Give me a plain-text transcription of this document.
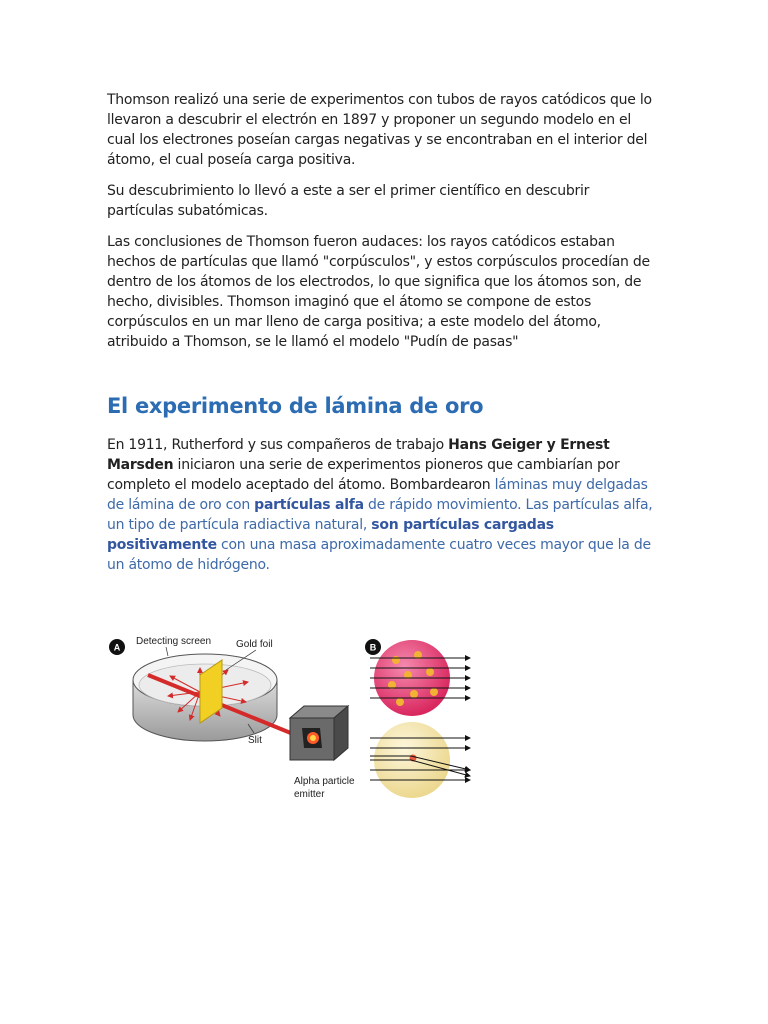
Thomson realizó una serie de experimentos con tubos de rayos catódicos que lo llevaron a descubrir el electrón en 1897 y proponer un segundo modelo en el cual los electrones poseían cargas negativas y se encontraban en el interior del átomo, el cual poseía carga positiva.

Su descubrimiento lo llevó a este a ser el primer científico en descubrir partículas subatómicas.

Las conclusiones de Thomson fueron audaces: los rayos catódicos estaban hechos de partículas que llamó "corpúsculos", y estos corpúsculos procedían de dentro de los átomos de los electrodos, lo que significa que los átomos son, de hecho, divisibles. Thomson imaginó que el átomo se compone de estos corpúsculos en un mar lleno de carga positiva; a este modelo del átomo, atribuido a Thomson, se le llamó el modelo "Pudín de pasas"

El experimento de lámina de oro

En 1911, Rutherford y sus compañeros de trabajo Hans Geiger y Ernest Marsden iniciaron una serie de experimentos pioneros que cambiarían por completo el modelo aceptado del átomo. Bombardearon láminas muy delgadas de lámina de oro con partículas alfa de rápido movimiento. Las partículas alfa, un tipo de partícula radiactiva natural, son partículas cargadas positivamente con una masa aproximadamente cuatro veces mayor que la de un átomo de hidrógeno.

A
Detecting screen Gold foil
Slit
Alpha particle
emitter
B
